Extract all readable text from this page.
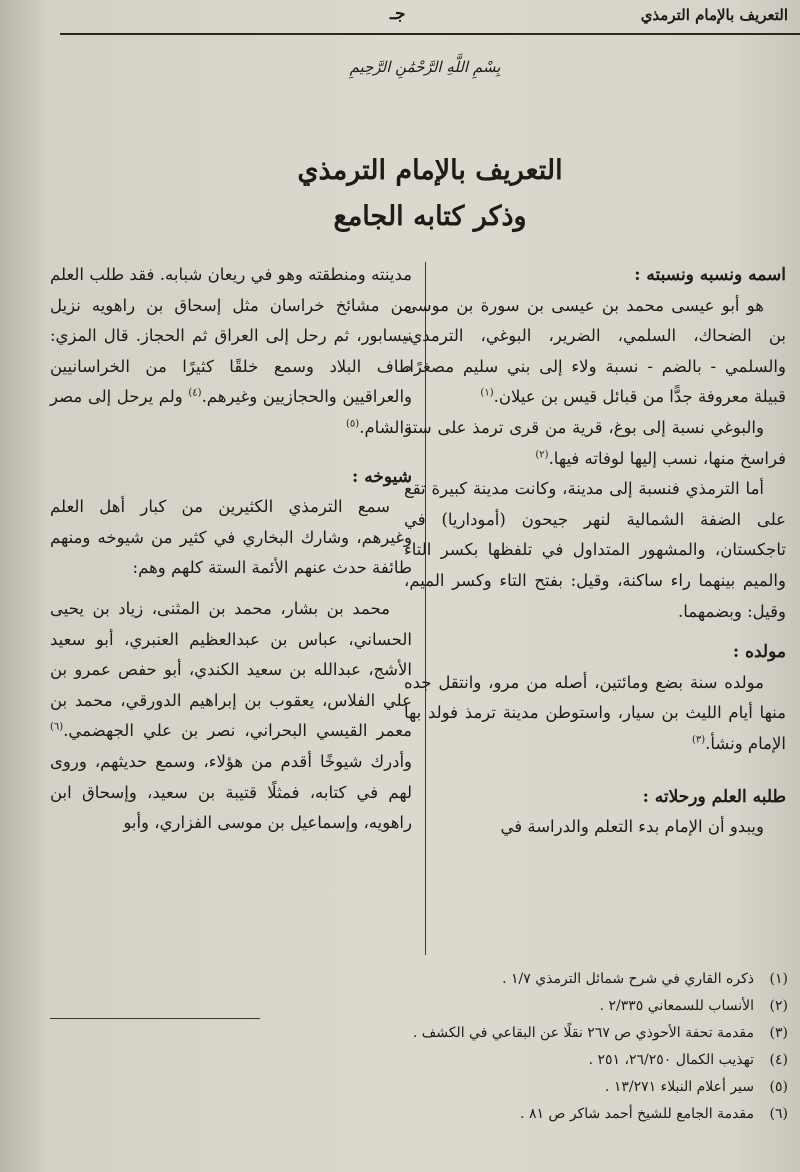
التعريف بالإمام الترمذي
جـ
بِسْمِ اللَّهِ الرَّحْمَٰنِ الرَّحِيمِ
التعريف بالإمام الترمذي
وذكر كتابه الجامع

اسمه ونسبه ونسبته :

هو أبو عيسى محمد بن عيسى بن سورة بن موسى بن الضحاك، السلمي، الضرير، البوغي، الترمذي، والسلمي - بالضم - نسبة ولاء إلى بني سليم مصغرًا، قبيلة معروفة جدًّا من قبائل قيس بن عيلان.$^{(١)}$

والبوغي نسبة إلى بوغ، قرية من قرى ترمذ على ستة فراسخ منها، نسب إليها لوفاته فيها.$^{(٢)}$

أما الترمذي فنسبة إلى مدينة، وكانت مدينة كبيرة تقع على الضفة الشمالية لنهر جيحون (أموداريا) في تاجكستان، والمشهور المتداول في تلفظها بكسر التاء والميم بينهما راء ساكنة، وقيل: بفتح التاء وكسر الميم، وقيل: وبضمهما.

مولده :

مولده سنة بضع ومائتين، أصله من مرو، وانتقل جده منها أيام الليث بن سيار، واستوطن مدينة ترمذ فولد بها الإمام ونشأ.$^{(٣)}$

طلبه العلم ورحلاته :

ويبدو أن الإمام بدء التعلم والدراسة في

مدينته ومنطقته وهو في ريعان شبابه. فقد طلب العلم من مشائخ خراسان مثل إسحاق بن راهويه نزيل نيسابور، ثم رحل إلى العراق ثم الحجاز. قال المزي: طاف البلاد وسمع خلقًا كثيرًا من الخراسانيين والعراقيين والحجازيين وغيرهم.$^{(٤)}$ ولم يرحل إلى مصر والشام.$^{(٥)}$

شيوخه :

سمع الترمذي الكثيرين من كبار أهل العلم وغيرهم، وشارك البخاري في كثير من شيوخه ومنهم طائفة حدث عنهم الأئمة الستة كلهم وهم:

محمد بن بشار، محمد بن المثنى، زياد بن يحيى الحساني، عباس بن عبدالعظيم العنبري، أبو سعيد الأشج، عبدالله بن سعيد الكندي، أبو حفص عمرو بن علي الفلاس، يعقوب بن إبراهيم الدورقي، محمد بن معمر القيسي البحراني، نصر بن علي الجهضمي.$^{(٦)}$ وأدرك شيوخًا أقدم من هؤلاء، وسمع حديثهم، وروى لهم في كتابه، فمثلًا قتيبة بن سعيد، وإسحاق ابن راهويه، وإسماعيل بن موسى الفزاري، وأبو

(١)
ذكره القاري في شرح شمائل الترمذي ١/٧ .
(٢)
الأنساب للسمعاني ٢/٣٣٥ .
(٣)
مقدمة تحفة الأحوذي ص ٢٦٧ نقلًا عن البقاعي في الكشف .
(٤)
تهذيب الكمال ٢٦/٢٥٠، ٢٥١ .
(٥)
سير أعلام النبلاء ١٣/٢٧١ .
(٦)
مقدمة الجامع للشيخ أحمد شاكر ص ٨١ .
